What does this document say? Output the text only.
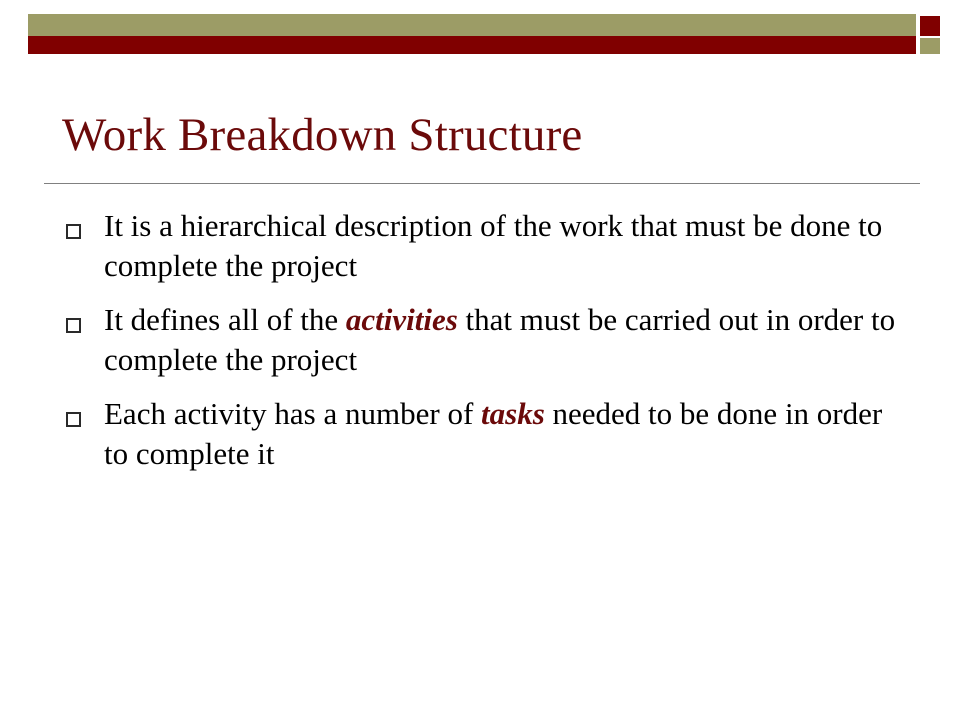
Work Breakdown Structure
It is a hierarchical description of the work that must be done to complete the project
It defines all of the activities that must be carried out in order to complete the project
Each activity has a number of tasks needed to be done in order to complete it
